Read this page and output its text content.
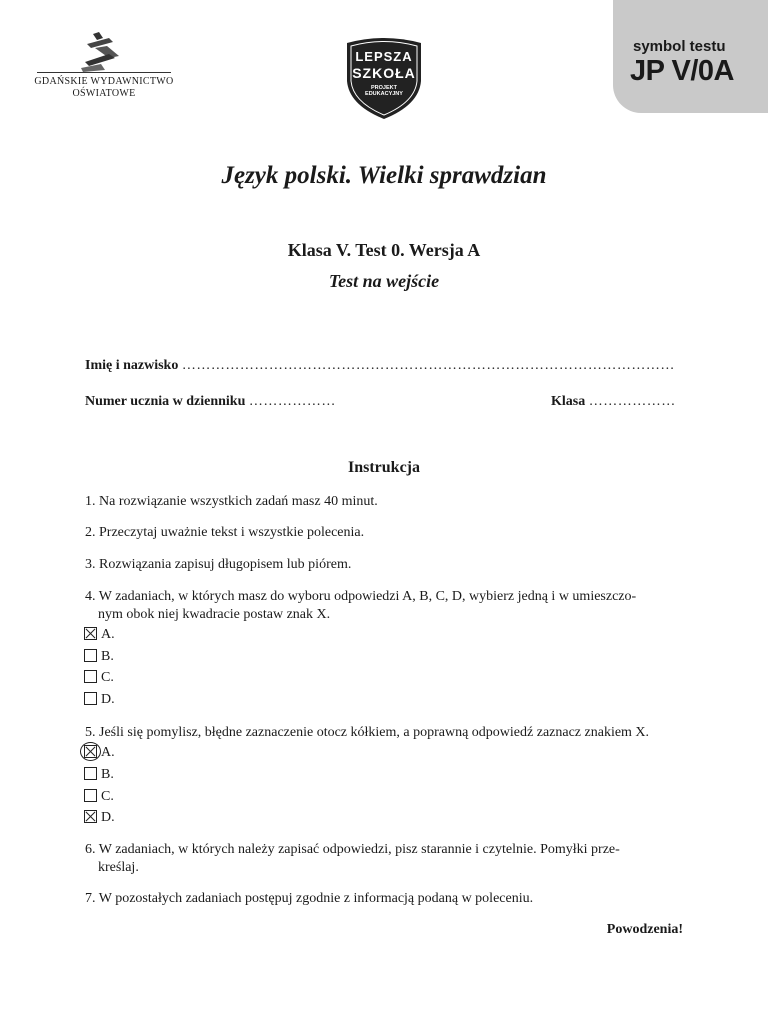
GDAŃSKIE WYDAWNICTWO
OŚWIATOWE
LEPSZA
SZKOŁA
PROJEKT
EDUKACYJNY
symbol testu
JP V/0A
Język polski. Wielki sprawdzian
Klasa V. Test 0. Wersja A
Test na wejście
Imię i nazwisko …………………………………………………………………………………………
Numer ucznia w dzienniku ………………	Klasa ………………
Instrukcja
1. Na rozwiązanie wszystkich zadań masz 40 minut.
2. Przeczytaj uważnie tekst i wszystkie polecenia.
3. Rozwiązania zapisuj długopisem lub piórem.
4. W zadaniach, w których masz do wyboru odpowiedzi A, B, C, D, wybierz jedną i w umieszczo-
nym obok niej kwadracie postaw znak X.
A.
B.
C.
D.
5. Jeśli się pomylisz, błędne zaznaczenie otocz kółkiem, a poprawną odpowiedź zaznacz znakiem X.
A.
B.
C.
D.
6. W zadaniach, w których należy zapisać odpowiedzi, pisz starannie i czytelnie. Pomyłki prze-
kreślaj.
7. W pozostałych zadaniach postępuj zgodnie z informacją podaną w poleceniu.
Powodzenia!
